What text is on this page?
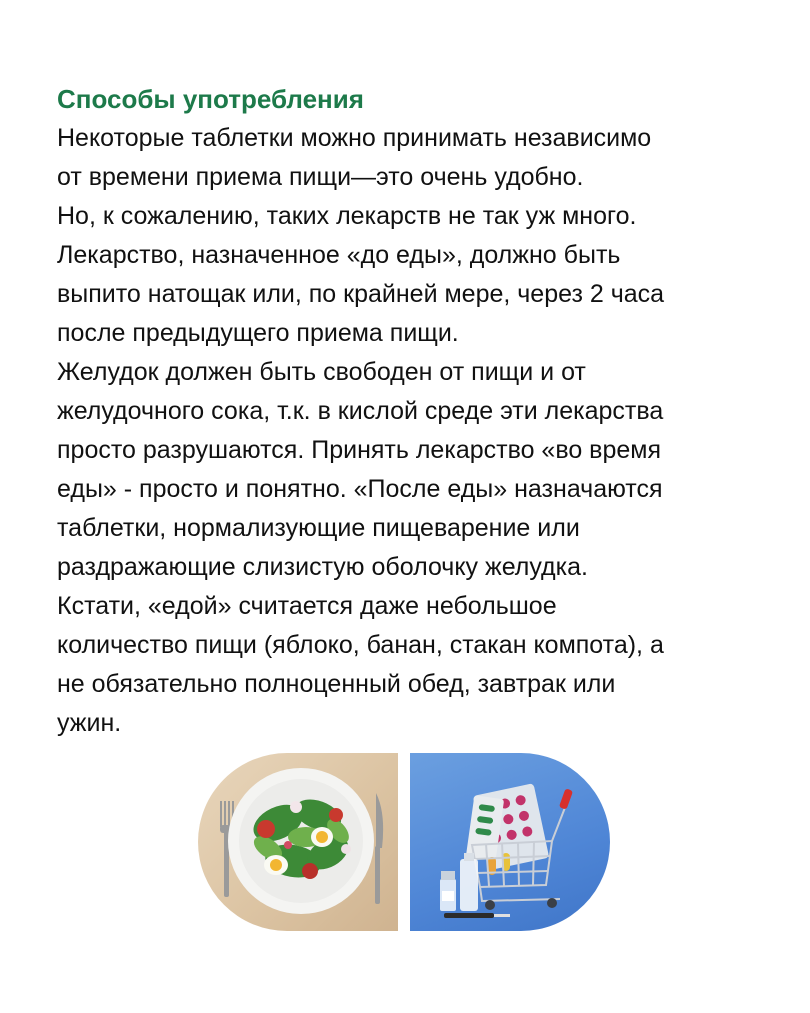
Способы употребления
Некоторые таблетки можно принимать независимо
от времени приема пищи—это очень удобно.
Но, к сожалению, таких лекарств не так уж много.
Лекарство, назначенное «до еды», должно быть
выпито натощак или, по крайней мере, через 2 часа
после предыдущего приема пищи.
Желудок должен быть свободен от пищи и от
желудочного сока, т.к. в кислой среде эти лекарства
просто разрушаются. Принять лекарство «во время
еды» - просто и понятно. «После еды» назначаются
таблетки, нормализующие пищеварение или
раздражающие слизистую оболочку желудка.
Кстати, «едой» считается даже небольшое
количество пищи (яблоко, банан, стакан компота), а
не обязательно полноценный обед, завтрак или
ужин.
